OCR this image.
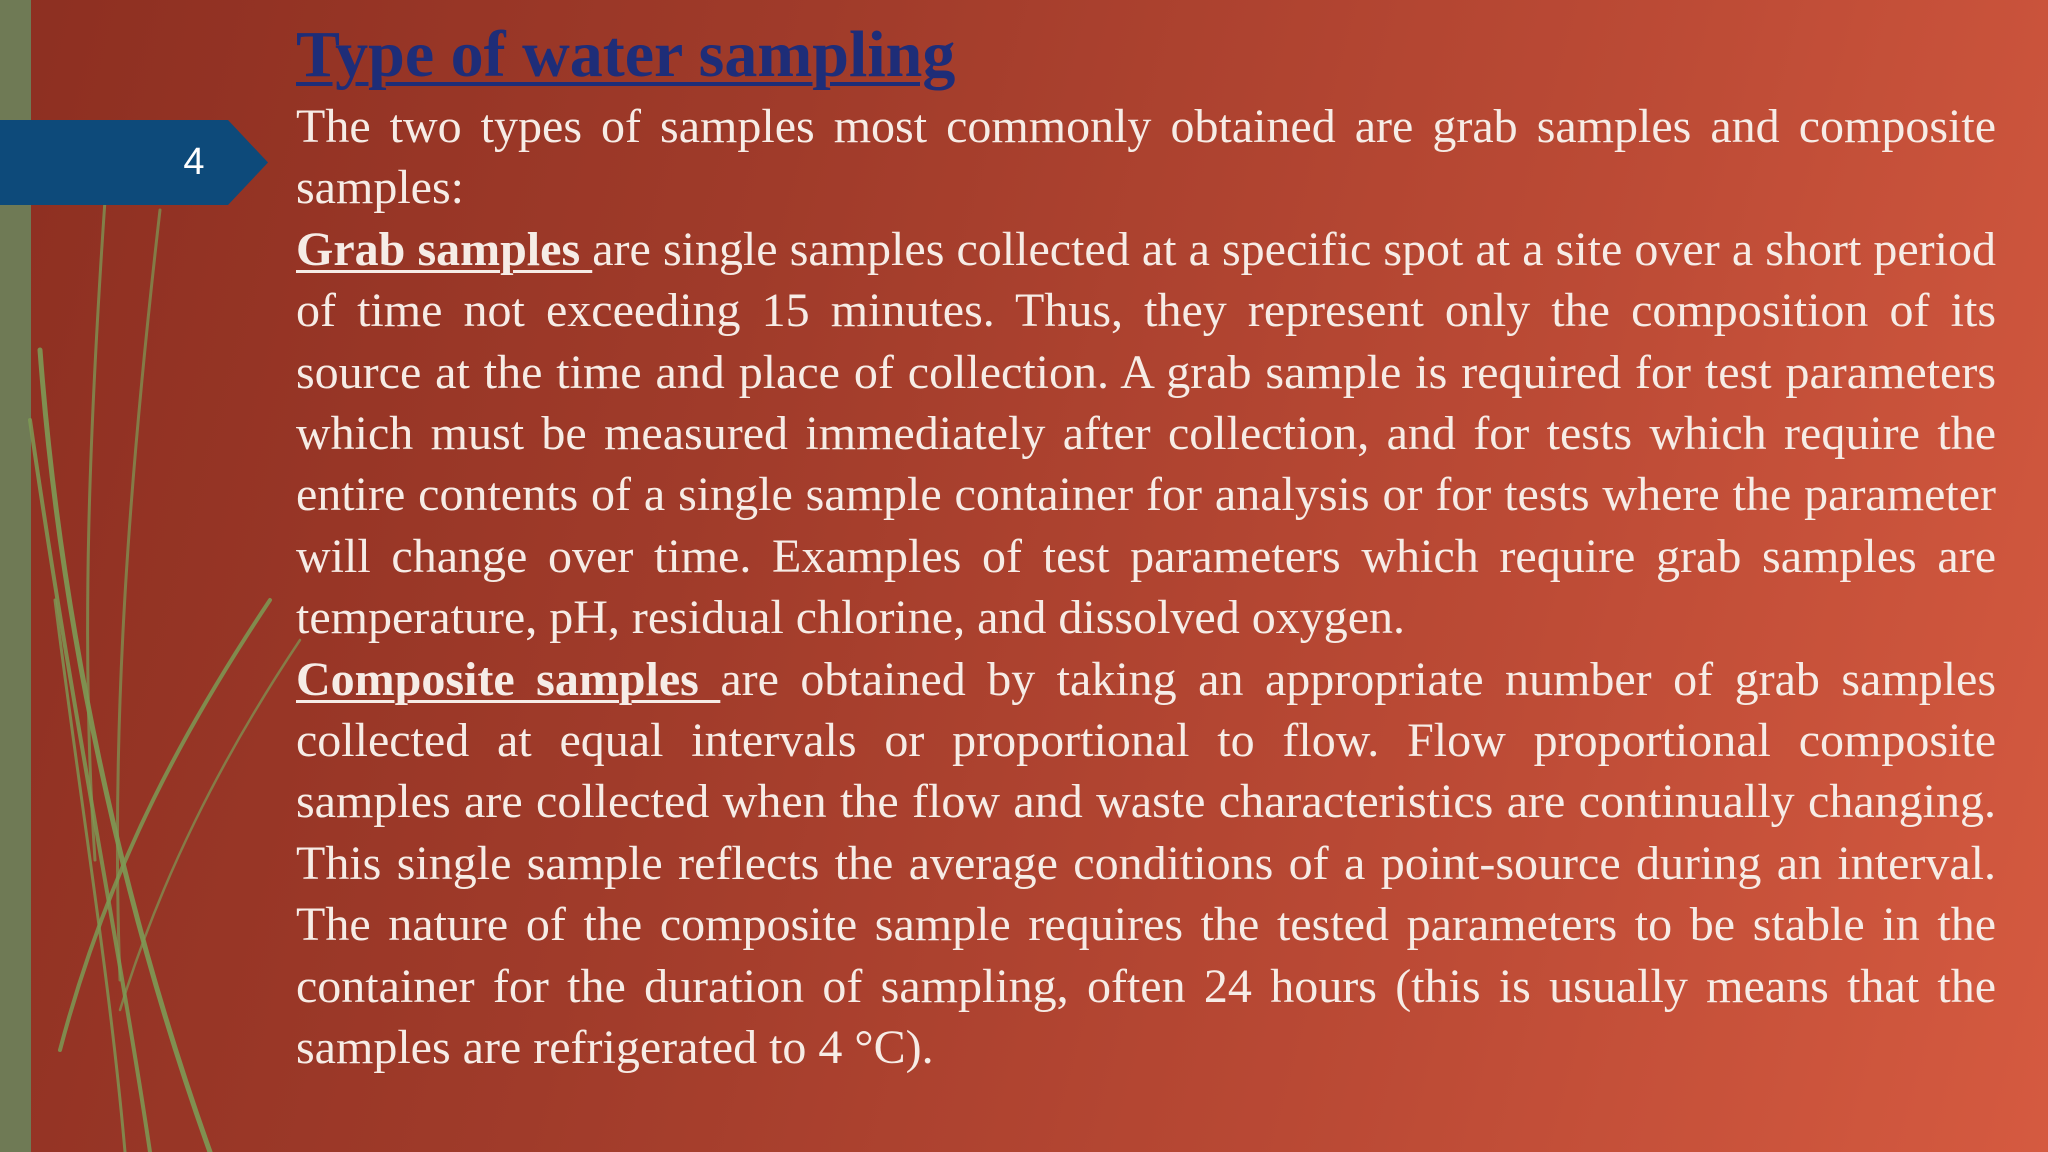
4
Type of water sampling

The two types of samples most commonly obtained are grab samples and composite samples:

Grab samples are single samples collected at a specific spot at a site over a short period of time not exceeding 15 minutes. Thus, they represent only the composition of its source at the time and place of collection. A grab sample is required for test parameters which must be measured immediately after collection, and for tests which require the entire contents of a single sample container for analysis or for tests where the parameter will change over time. Examples of test parameters which require grab samples are temperature, pH, residual chlorine, and dissolved oxygen.

Composite samples are obtained by taking an appropriate number of grab samples collected at equal intervals or proportional to flow. Flow proportional composite samples are collected when the flow and waste characteristics are continually changing. This single sample reflects the average conditions of a point-source during an interval. The nature of the composite sample requires the tested parameters to be stable in the container for the duration of sampling, often 24 hours (this is usually means that the samples are refrigerated to 4 °C).
